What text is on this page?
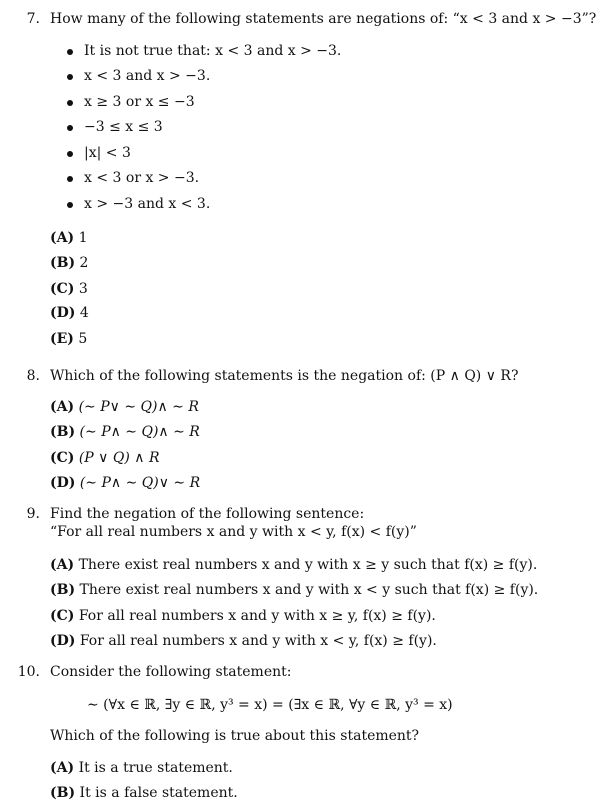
7. How many of the following statements are negations of: “x < 3 and x > −3”?
It is not true that: x < 3 and x > −3.
x < 3 and x > −3.
x ≥ 3 or x ≤ −3
−3 ≤ x ≤ 3
|x| < 3
x < 3 or x > −3.
x > −3 and x < 3.
(A) 1
(B) 2
(C) 3
(D) 4
(E) 5
8. Which of the following statements is the negation of: (P ∧ Q) ∨ R?
(A) (∼ P∨ ∼ Q)∧ ∼ R
(B) (∼ P∧ ∼ Q)∧ ∼ R
(C) (P ∨ Q) ∧ R
(D) (∼ P∧ ∼ Q)∨ ∼ R
9. Find the negation of the following sentence:
“For all real numbers x and y with x < y, f(x) < f(y)”
(A) There exist real numbers x and y with x ≥ y such that f(x) ≥ f(y).
(B) There exist real numbers x and y with x < y such that f(x) ≥ f(y).
(C) For all real numbers x and y with x ≥ y, f(x) ≥ f(y).
(D) For all real numbers x and y with x < y, f(x) ≥ f(y).
10. Consider the following statement:
∼ (∀x ∈ ℝ, ∃y ∈ ℝ, y³ = x) = (∃x ∈ ℝ, ∀y ∈ ℝ, y³ = x)
Which of the following is true about this statement?
(A) It is a true statement.
(B) It is a false statement.
